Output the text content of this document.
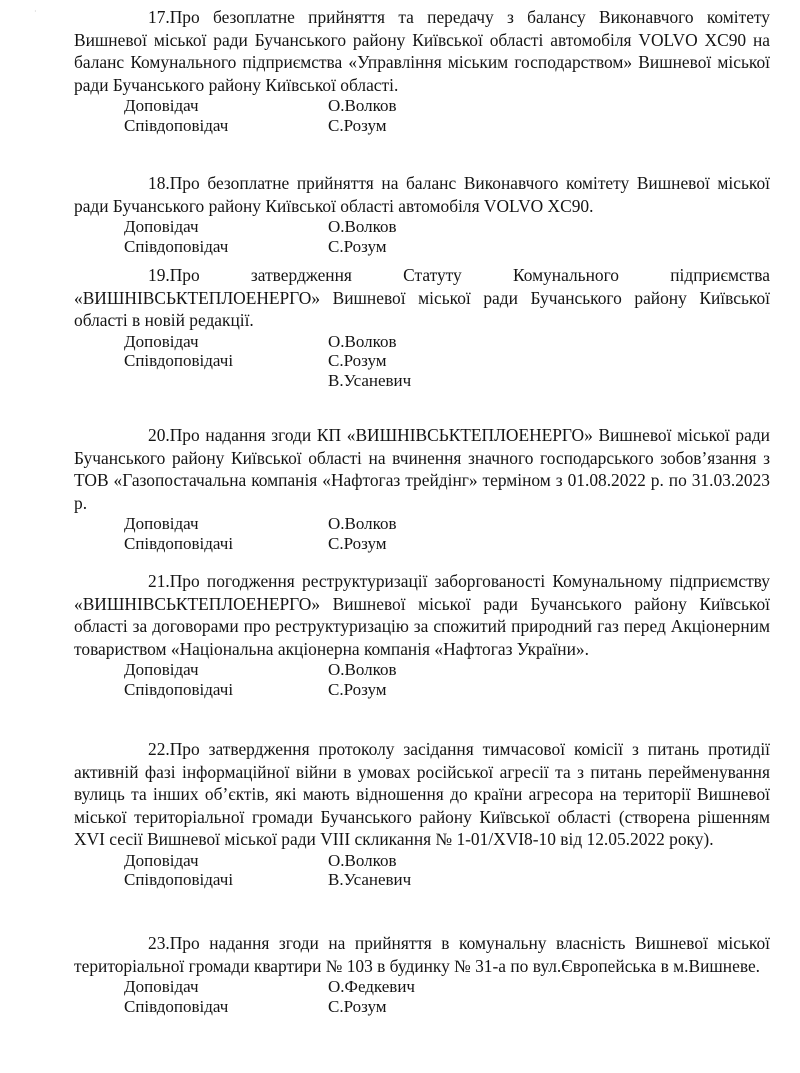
·	17.Про безоплатне прийняття та передачу з балансу Виконавчого комітету Вишневої міської ради Бучанського району Київської області автомобіля VOLVO XC90 на баланс Комунального підприємства «Управління міським господарством» Вишневої міської ради Бучанського району Київської області.

Доповідач	О.Волков
Співдоповідач	С.Розум

18.Про безоплатне прийняття на баланс Виконавчого комітету Вишневої міської ради Бучанського району Київської області автомобіля VOLVO XC90.

Доповідач	О.Волков
Співдоповідач	С.Розум

19.Про затвердження Статуту Комунального підприємства «ВИШНІВСЬКТЕПЛОЕНЕРГО» Вишневої міської ради Бучанського району Київської області в новій редакції.

Доповідач	О.Волков
Співдоповідачі	С.Розум
В.Усаневич

20.Про надання згоди КП «ВИШНІВСЬКТЕПЛОЕНЕРГО» Вишневої міської ради Бучанського району Київської області на вчинення значного господарського зобов’язання з ТОВ «Газопостачальна компанія «Нафтогаз трейдінг» терміном з 01.08.2022 р. по 31.03.2023 р.

Доповідач	О.Волков
Співдоповідачі	С.Розум

21.Про погодження реструктуризації заборгованості Комунальному підприємству «ВИШНІВСЬКТЕПЛОЕНЕРГО» Вишневої міської ради Бучанського району Київської області за договорами про реструктуризацію за спожитий природний газ перед Акціонерним товариством «Національна акціонерна компанія «Нафтогаз України».

Доповідач	О.Волков
Співдоповідачі	С.Розум

22.Про затвердження протоколу засідання тимчасової комісії з питань протидії активній фазі інформаційної війни в умовах російської агресії та з питань перейменування вулиць та інших об’єктів, які мають відношення до країни агресора на території Вишневої міської територіальної громади Бучанського району Київської області (створена рішенням XVI сесії Вишневої міської ради VIII скликання № 1-01/XVI8-10 від 12.05.2022 року).

Доповідач	О.Волков
Співдоповідачі	В.Усаневич

23.Про надання згоди на прийняття в комунальну власність Вишневої міської територіальної громади квартири № 103 в будинку № 31-а по вул.Європейська в м.Вишневе.

Доповідач	О.Федкевич
Співдоповідач	С.Розум
